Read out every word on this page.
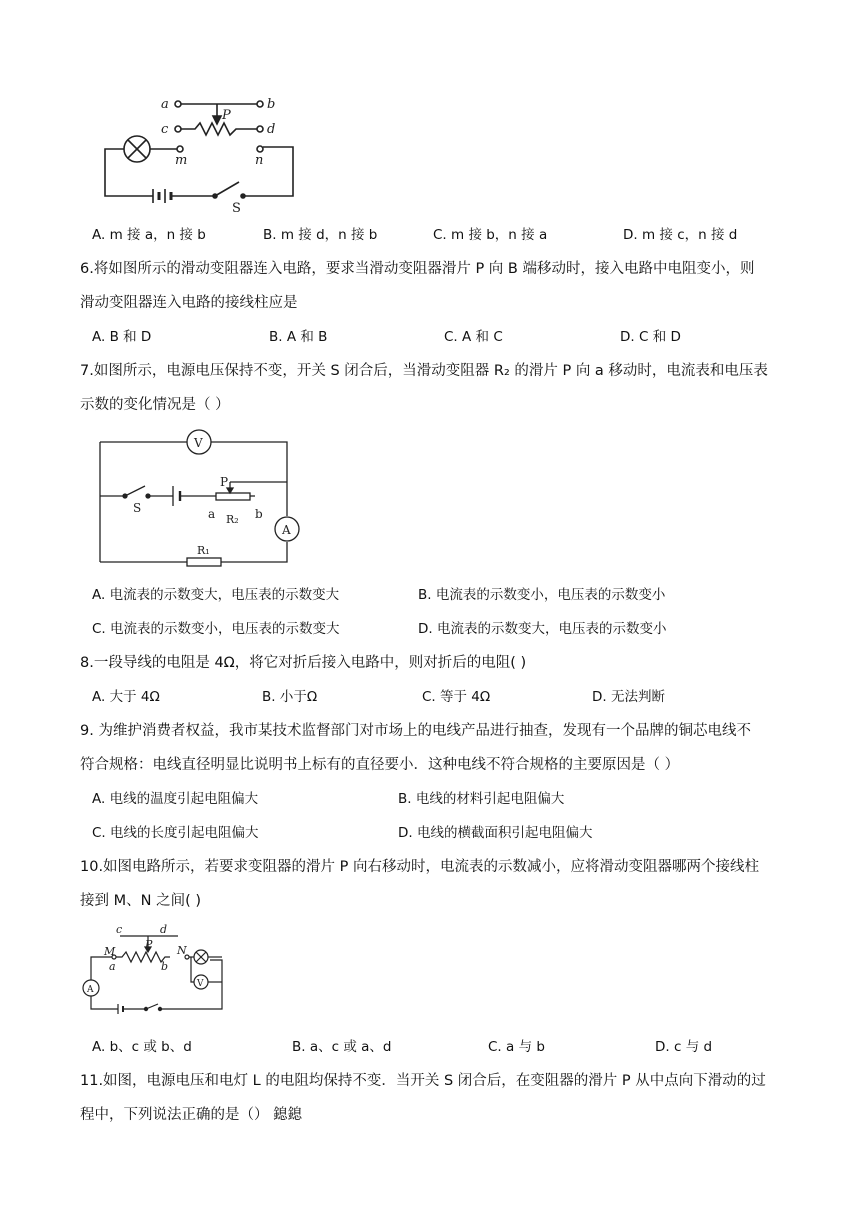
a	b
c	d
P
m	n
S
A. m 接 a，n 接 b	B. m 接 d，n 接 b	C. m 接 b，n 接 a	D. m 接 c，n 接 d
6.将如图所示的滑动变阻器连入电路，要求当滑动变阻器滑片 P 向 B 端移动时，接入电路中电阻变小，则
滑动变阻器连入电路的接线柱应是
A. B 和 D	B. A 和 B	C. A 和 C	D. C 和 D
7.如图所示，电源电压保持不变，开关 S 闭合后，当滑动变阻器 R₂ 的滑片 P 向 a 移动时，电流表和电压表
示数的变化情况是（ ）
V
A
S
P
a	b
R₂
R₁
A. 电流表的示数变大，电压表的示数变大	B. 电流表的示数变小，电压表的示数变小
C. 电流表的示数变小，电压表的示数变大	D. 电流表的示数变大，电压表的示数变小
8.一段导线的电阻是 4Ω，将它对折后接入电路中，则对折后的电阻( )
A. 大于 4Ω	B. 小于Ω	C. 等于 4Ω	D. 无法判断
9. 为维护消费者权益，我市某技术监督部门对市场上的电线产品进行抽查，发现有一个品牌的铜芯电线不
符合规格：电线直径明显比说明书上标有的直径要小．这种电线不符合规格的主要原因是（ ）
A. 电线的温度引起电阻偏大	B. 电线的材料引起电阻偏大
C. 电线的长度引起电阻偏大	D. 电线的横截面积引起电阻偏大
10.如图电路所示，若要求变阻器的滑片 P 向右移动时，电流表的示数减小，应将滑动变阻器哪两个接线柱
接到 M、N 之间( )
c	d
P
M
a	b
N
A
V
A. b、c 或 b、d	B. a、c 或 a、d	C. a 与 b	D. c 与 d
11.如图，电源电压和电灯 L 的电阻均保持不变．当开关 S 闭合后，在变阻器的滑片 P 从中点向下滑动的过
程中，下列说法正确的是（） 鎴鎴
